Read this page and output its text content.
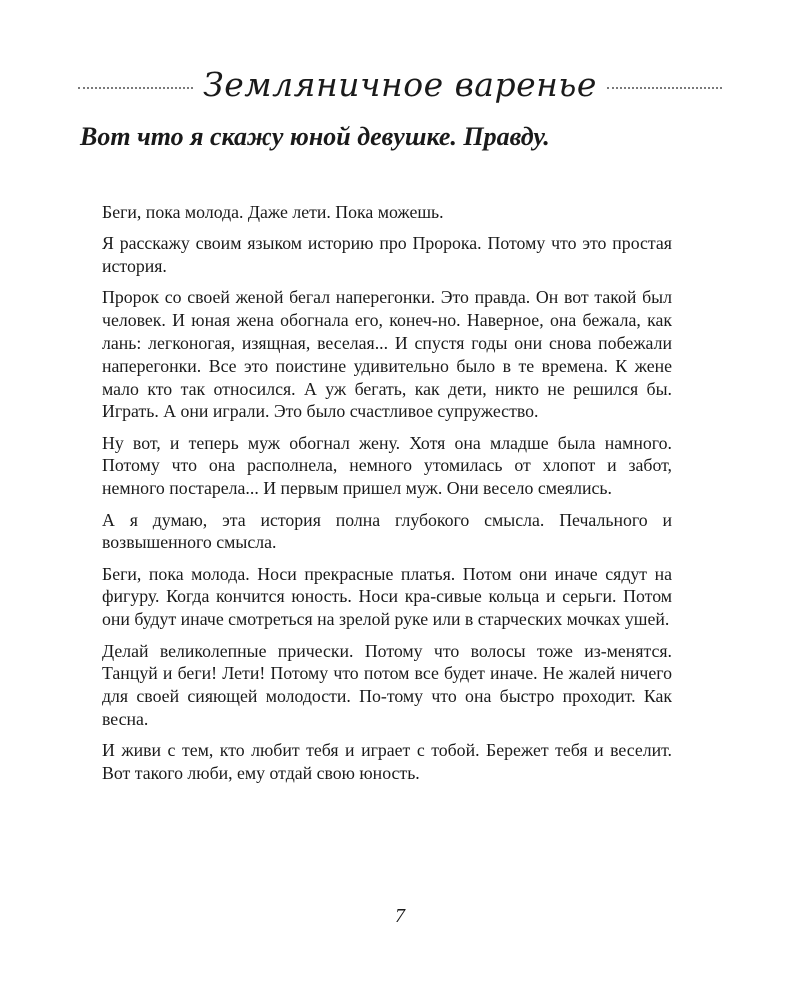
Земляничное варенье
Вот что я скажу юной девушке. Правду.

Беги, пока молода. Даже лети. Пока можешь.

Я расскажу своим языком историю про Пророка. Потому что это простая история.

Пророк со своей женой бегал наперегонки. Это правда. Он вот такой был человек. И юная жена обогнала его, конеч-но. Наверное, она бежала, как лань: легконогая, изящная, веселая... И спустя годы они снова побежали наперегонки. Все это поистине удивительно было в те времена. К жене мало кто так относился. А уж бегать, как дети, никто не решился бы. Играть. А они играли. Это было счастливое супружество.

Ну вот, и теперь муж обогнал жену. Хотя она младше была намного. Потому что она располнела, немного утомилась от хлопот и забот, немного постарела... И первым пришел муж. Они весело смеялись.

А я думаю, эта история полна глубокого смысла. Печального и возвышенного смысла.

Беги, пока молода. Носи прекрасные платья. Потом они иначе сядут на фигуру. Когда кончится юность. Носи кра-сивые кольца и серьги. Потом они будут иначе смотреться на зрелой руке или в старческих мочках ушей.

Делай великолепные прически. Потому что волосы тоже из-менятся. Танцуй и беги! Лети! Потому что потом все будет иначе. Не жалей ничего для своей сияющей молодости. По-тому что она быстро проходит. Как весна.

И живи с тем, кто любит тебя и играет с тобой. Бережет тебя и веселит. Вот такого люби, ему отдай свою юность.

7
